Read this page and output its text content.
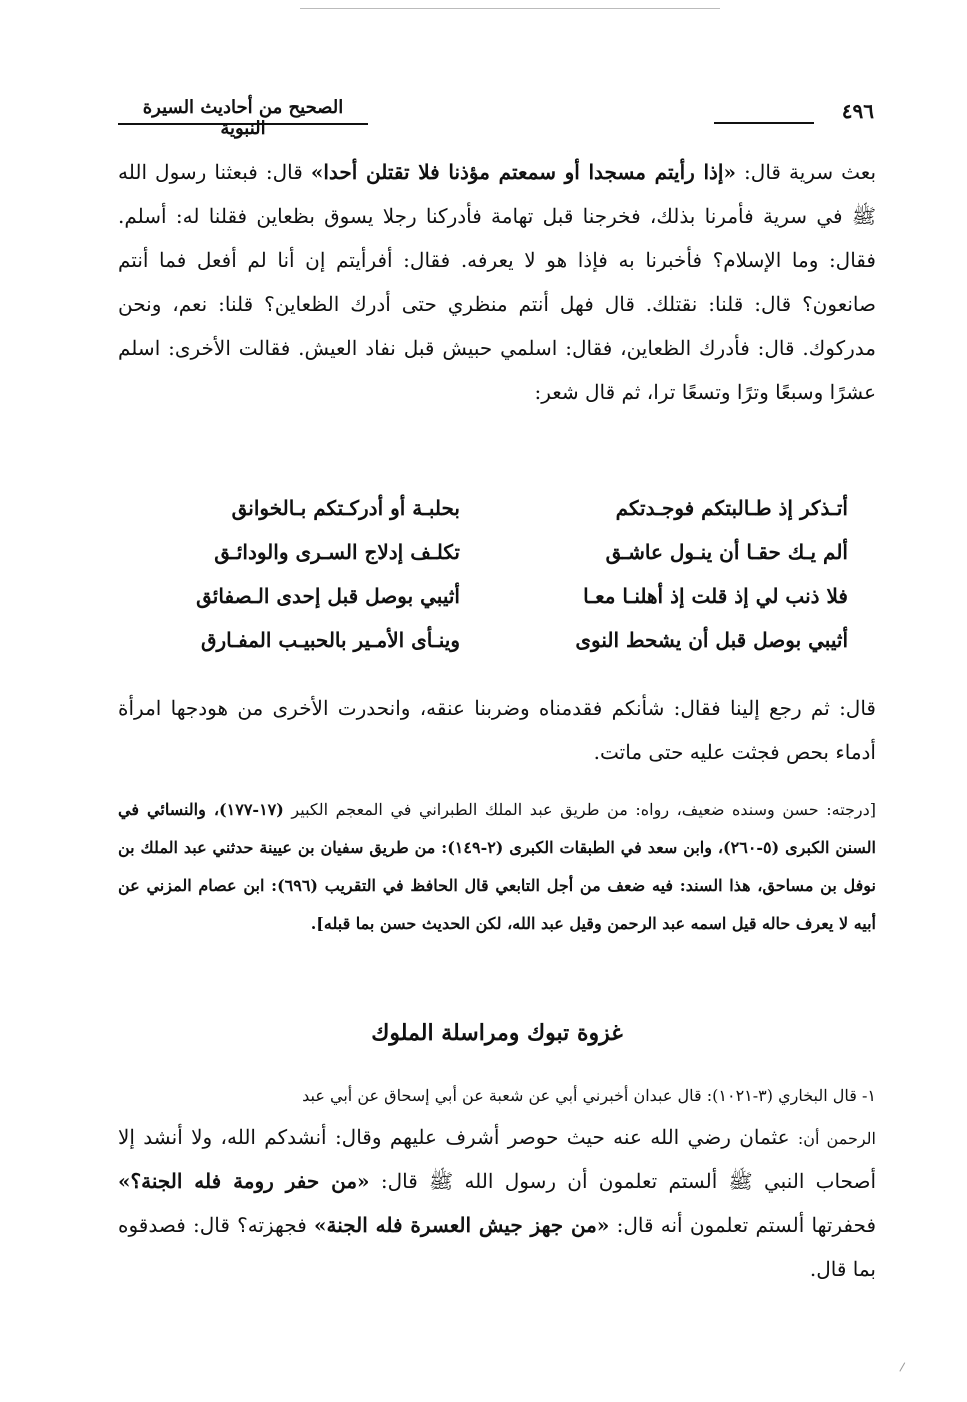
٤٩٦
الصحيح من أحاديث السيرة النبوية
بعث سرية قال: «إذا رأيتم مسجدا أو سمعتم مؤذنا فلا تقتلن أحدا» قال: فبعثنا رسول الله ﷺ في سرية فأمرنا بذلك، فخرجنا قبل تهامة فأدركنا رجلا يسوق بظعاين فقلنا له: أسلم. فقال: وما الإسلام؟ فأخبرنا به فإذا هو لا يعرفه. فقال: أفرأيتم إن أنا لم أفعل فما أنتم صانعون؟ قال: قلنا: نقتلك. قال فهل أنتم منظري حتى أدرك الظعاين؟ قلنا: نعم، ونحن مدركوك. قال: فأدرك الظعاين، فقال: اسلمي حبيش قبل نفاد العيش. فقالت الأخرى: اسلم عشرًا وسبعًا وترًا وتسعًا ترا، ثم قال شعر:
أتـذكر إذ طـالبتكم فوجـدتكم
بحلبـة أو أدركـتكم بـالخوانق
ألم يـك حقـا أن ينـول عاشـق
تكلـف إدلاج السـرى والودائـق
فلا ذنب لي إذ قلت إذ أهلنـا معـا
أثيبي بوصل قبل إحدى الـصفائق
أثيبي بوصل قبل أن يشحط النوى
وينـأى الأمـير بالحبيـب المفـارق
قال: ثم رجع إلينا فقال: شأنكم فقدمناه وضربنا عنقه، وانحدرت الأخرى من هودجها امرأة أدماء بحص فجثت عليه حتى ماتت.
[درجته: حسن وسنده ضعيف، رواه: من طريق عبد الملك الطبراني في المعجم الكبير (١٧-١٧٧)، والنسائي في السنن الكبرى (٥-٢٦٠)، وابن سعد في الطبقات الكبرى (٢-١٤٩): من طريق سفيان بن عيينة حدثني عبد الملك بن نوفل بن مساحق، هذا السند: فيه ضعف من أجل التابعي قال الحافظ في التقريب (٦٩٦): ابن عصام المزني عن أبيه لا يعرف حاله قيل اسمه عبد الرحمن وقيل عبد الله، لكن الحديث حسن بما قبله].
غزوة تبوك ومراسلة الملوك
١- قال البخاري (٣-١٠٢١): قال عبدان أخبرني أبي عن شعبة عن أبي إسحاق عن أبي عبد
الرحمن أن: عثمان رضي الله عنه حيث حوصر أشرف عليهم وقال: أنشدكم الله، ولا أنشد إلا أصحاب النبي ﷺ ألستم تعلمون أن رسول الله ﷺ قال: «من حفر رومة فله الجنة؟» فحفرتها ألستم تعلمون أنه قال: «من جهز جيش العسرة فله الجنة» فجهزته؟ قال: فصدقوه بما قال.
